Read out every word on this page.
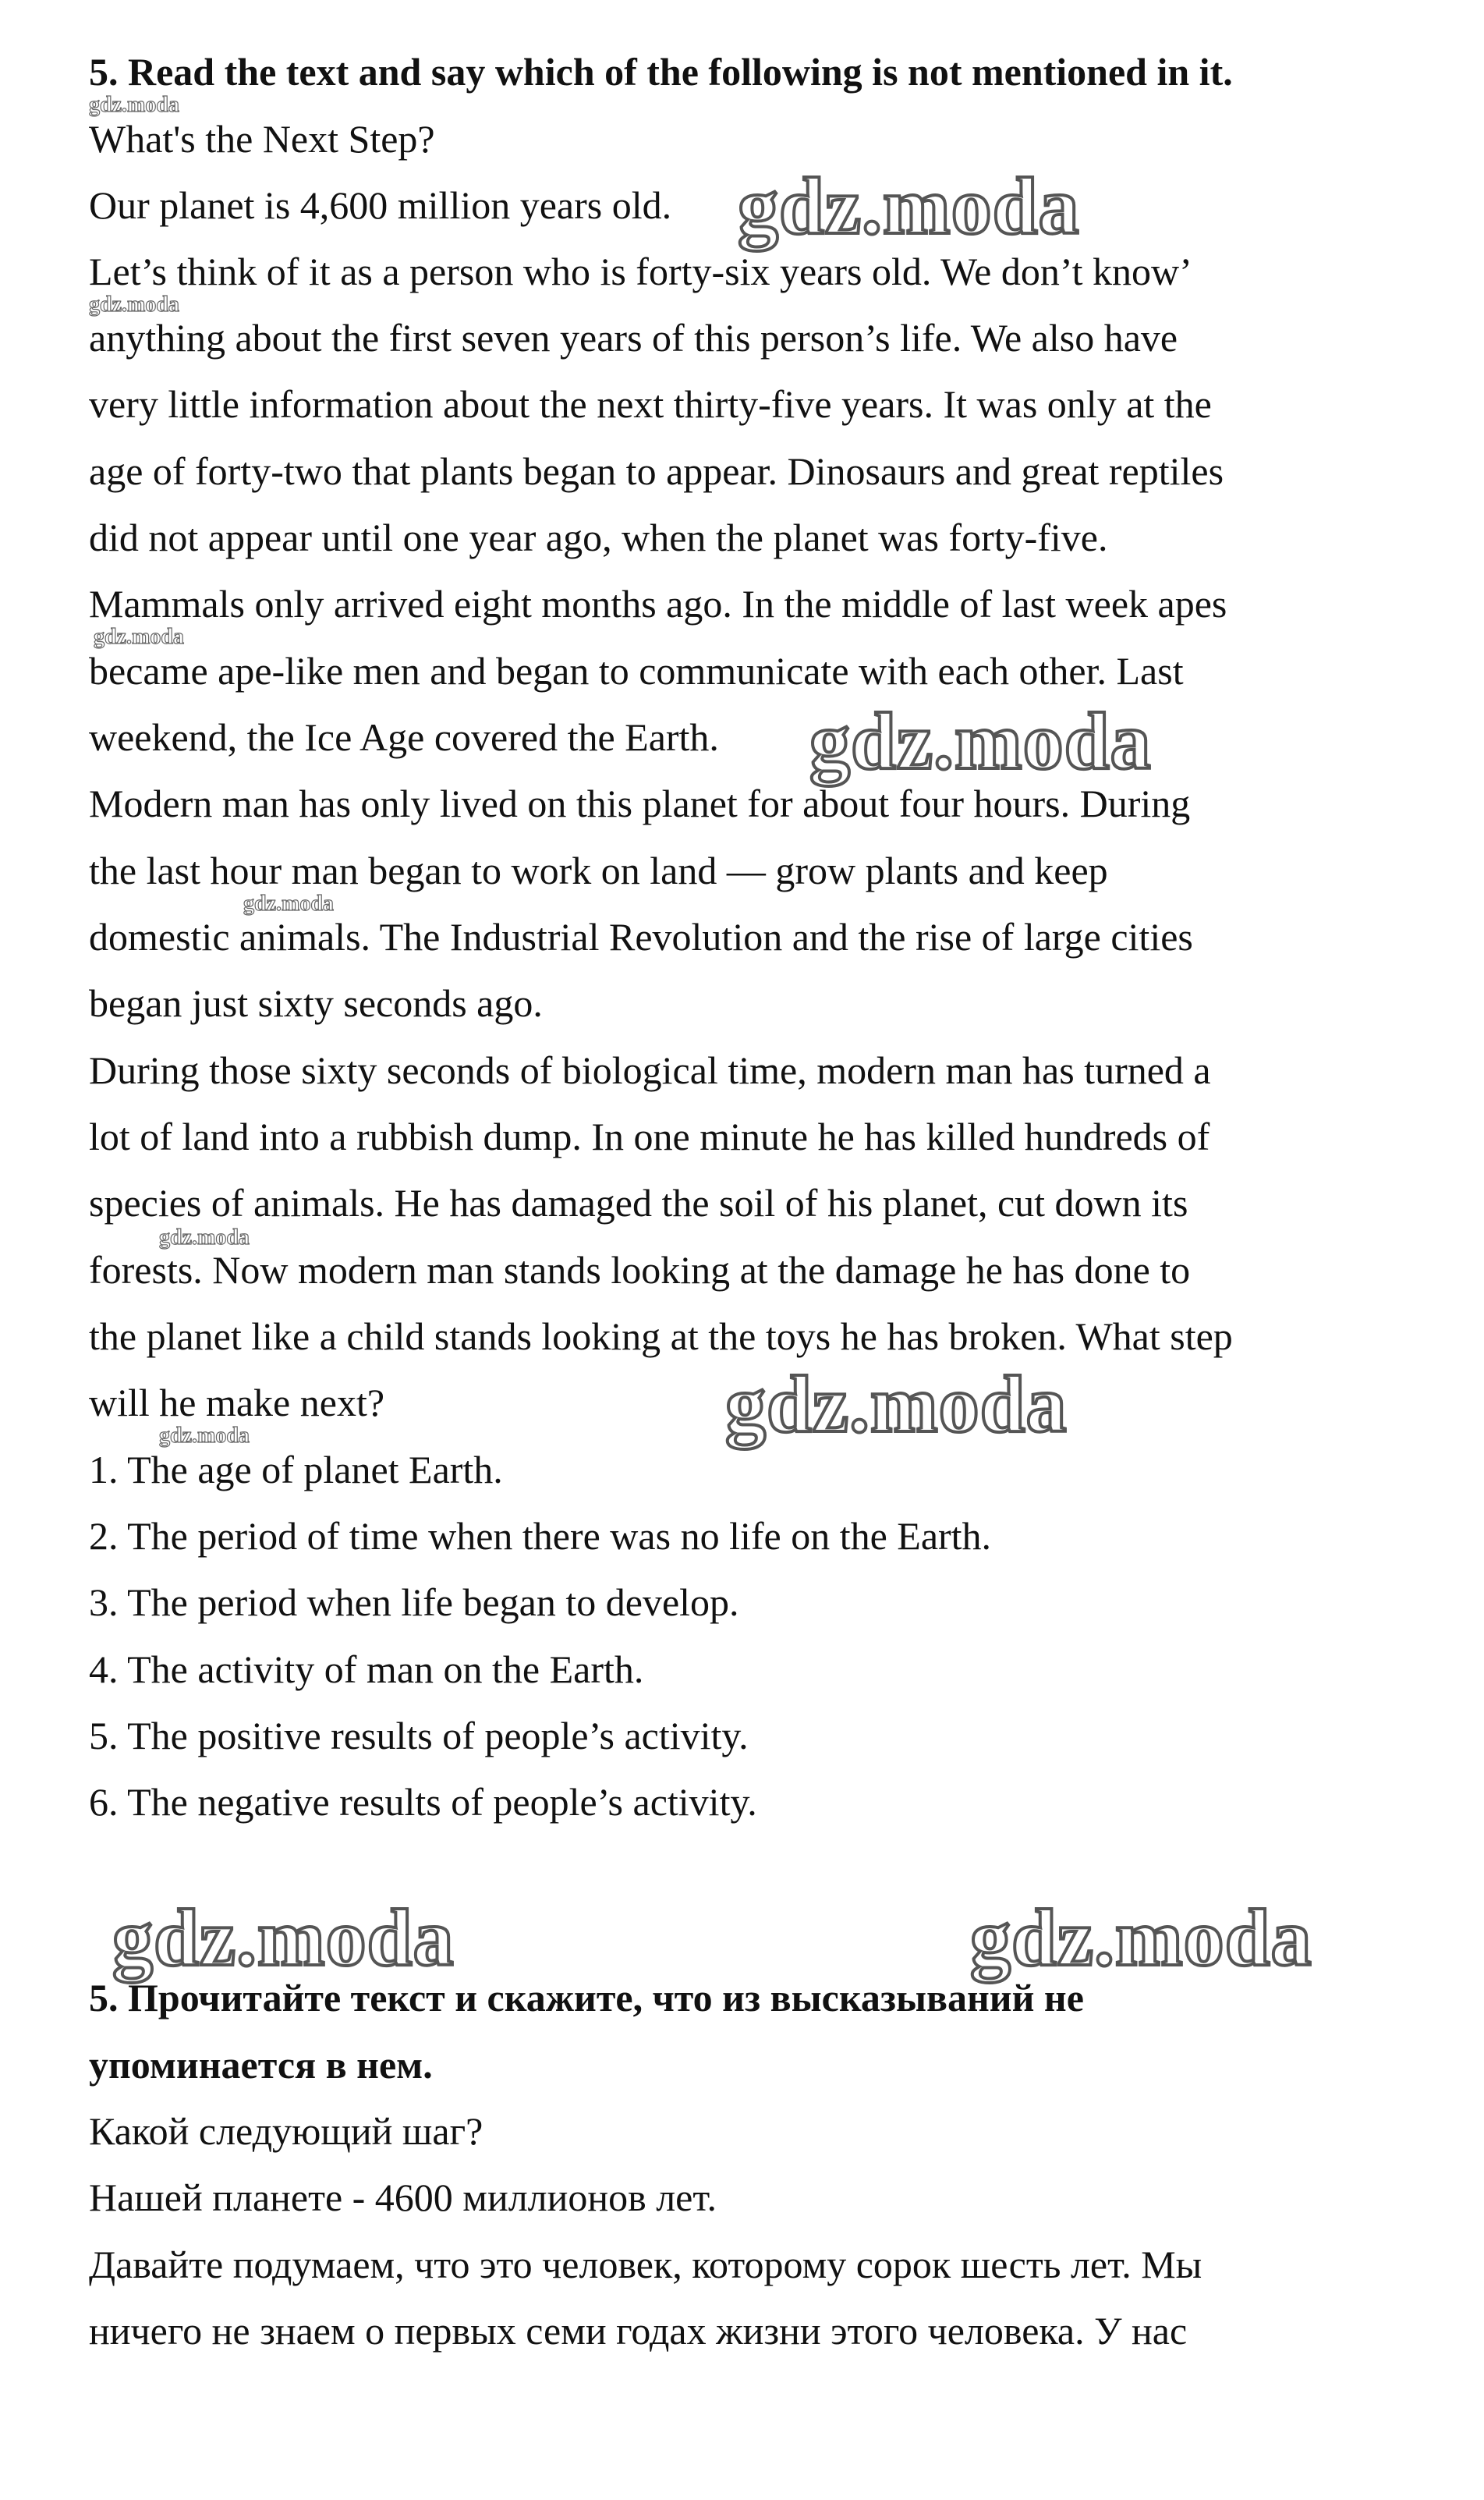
5. Read the text and say which of the following is not mentioned in it.
What's the Next Step?
Our planet is 4,600 million years old.
Let’s think of it as a person who is forty-six years old. We don’t know’
anything about the first seven years of this person’s life. We also have
very little information about the next thirty-five years. It was only at the
age of forty-two that plants began to appear. Dinosaurs and great reptiles
did not appear until one year ago, when the planet was forty-five.
Mammals only arrived eight months ago. In the middle of last week apes
became ape-like men and began to communicate with each other. Last
weekend, the Ice Age covered the Earth.
Modern man has only lived on this planet for about four hours. During
the last hour man began to work on land — grow plants and keep
domestic animals. The Industrial Revolution and the rise of large cities
began just sixty seconds ago.
During those sixty seconds of biological time, modern man has turned a
lot of land into a rubbish dump. In one minute he has killed hundreds of
species of animals. He has damaged the soil of his planet, cut down its
forests. Now modern man stands looking at the damage he has done to
the planet like a child stands looking at the toys he has broken. What step
will he make next?
1. The age of planet Earth.
2. The period of time when there was no life on the Earth.
3. The period when life began to develop.
4. The activity of man on the Earth.
5. The positive results of people’s activity.
6. The negative results of people’s activity.
5. Прочитайте текст и скажите, что из высказываний не
упоминается в нем.
Какой следующий шаг?
Нашей планете - 4600 миллионов лет.
Давайте подумаем, что это человек, которому сорок шесть лет. Мы
ничего не знаем о первых семи годах жизни этого человека. У нас
gdz.moda
gdz.moda
gdz.moda
gdz.moda
gdz.moda
gdz.moda
gdz.moda
gdz.moda
gdz.moda
gdz.moda	gdz.moda
